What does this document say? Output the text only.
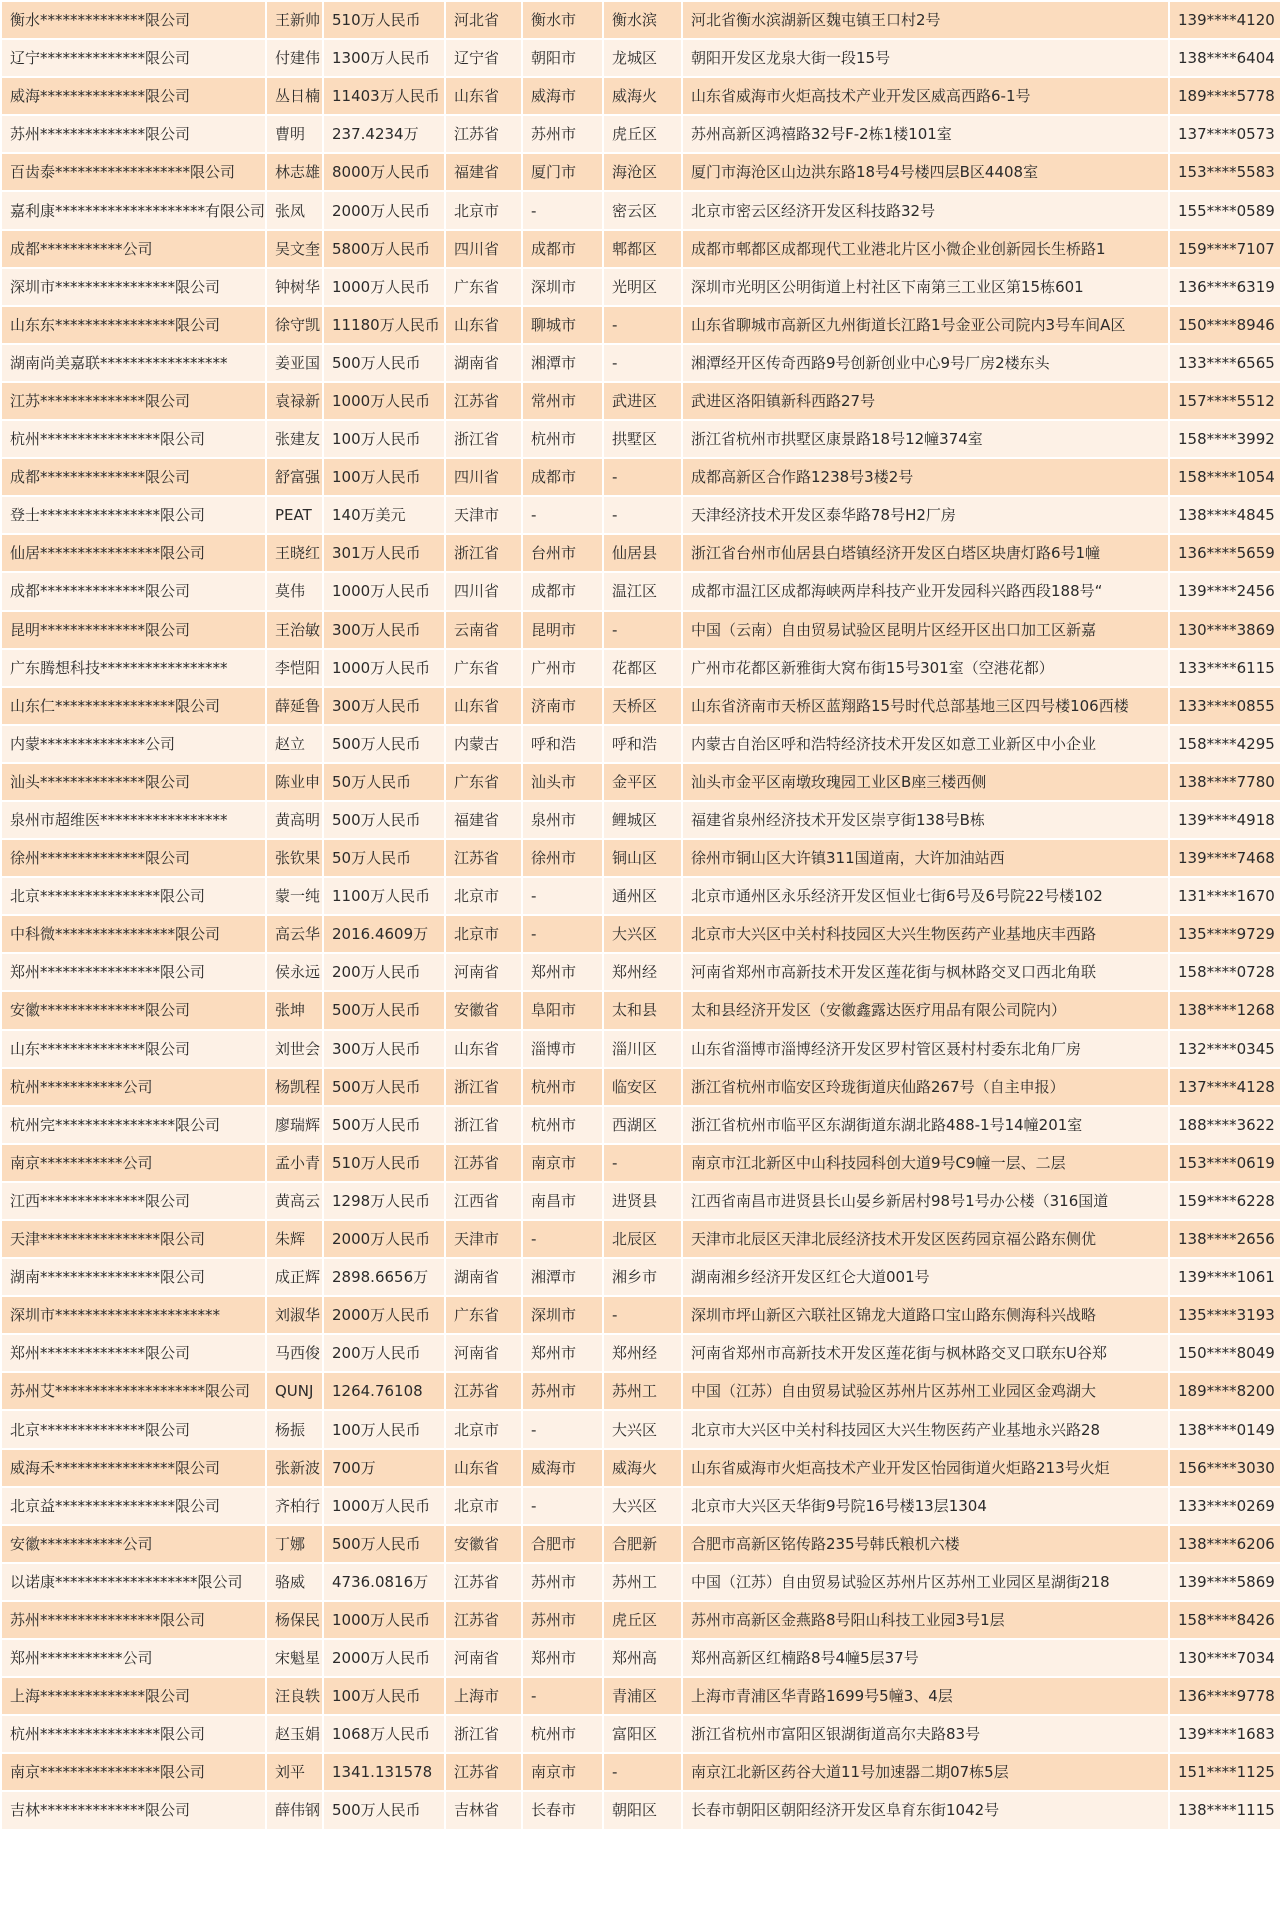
衡水**************限公司	王新帅	510万人民币	河北省	衡水市	衡水滨	河北省衡水滨湖新区魏屯镇王口村2号	139****4120
辽宁**************限公司	付建伟	1300万人民币	辽宁省	朝阳市	龙城区	朝阳开发区龙泉大街一段15号	138****6404
威海**************限公司	丛日楠	11403万人民币	山东省	威海市	威海火	山东省威海市火炬高技术产业开发区威高西路6-1号	189****5778
苏州**************限公司	曹明	237.4234万	江苏省	苏州市	虎丘区	苏州高新区鸿禧路32号F-2栋1楼101室	137****0573
百齿泰******************限公司	林志雄	8000万人民币	福建省	厦门市	海沧区	厦门市海沧区山边洪东路18号4号楼四层B区4408室	153****5583
嘉利康********************有限公司	张凤	2000万人民币	北京市	-	密云区	北京市密云区经济开发区科技路32号	155****0589
成都***********公司	吴文奎	5800万人民币	四川省	成都市	郫都区	成都市郫都区成都现代工业港北片区小微企业创新园长生桥路1	159****7107
深圳市****************限公司	钟树华	1000万人民币	广东省	深圳市	光明区	深圳市光明区公明街道上村社区下南第三工业区第15栋601	136****6319
山东东****************限公司	徐守凯	11180万人民币	山东省	聊城市	-	山东省聊城市高新区九州街道长江路1号金亚公司院内3号车间A区	150****8946
湖南尚美嘉联*****************	姜亚国	500万人民币	湖南省	湘潭市	-	湘潭经开区传奇西路9号创新创业中心9号厂房2楼东头	133****6565
江苏**************限公司	袁禄新	1000万人民币	江苏省	常州市	武进区	武进区洛阳镇新科西路27号	157****5512
杭州****************限公司	张建友	100万人民币	浙江省	杭州市	拱墅区	浙江省杭州市拱墅区康景路18号12幢374室	158****3992
成都**************限公司	舒富强	100万人民币	四川省	成都市	-	成都高新区合作路1238号3楼2号	158****1054
登士****************限公司	PEAT	140万美元	天津市	-	-	天津经济技术开发区泰华路78号H2厂房	138****4845
仙居****************限公司	王晓红	301万人民币	浙江省	台州市	仙居县	浙江省台州市仙居县白塔镇经济开发区白塔区块唐灯路6号1幢	136****5659
成都**************限公司	莫伟	1000万人民币	四川省	成都市	温江区	成都市温江区成都海峡两岸科技产业开发园科兴路西段188号“	139****2456
昆明**************限公司	王治敏	300万人民币	云南省	昆明市	-	中国（云南）自由贸易试验区昆明片区经开区出口加工区新嘉	130****3869
广东腾想科技*****************	李恺阳	1000万人民币	广东省	广州市	花都区	广州市花都区新雅街大窝布街15号301室（空港花都）	133****6115
山东仁****************限公司	薛延鲁	300万人民币	山东省	济南市	天桥区	山东省济南市天桥区蓝翔路15号时代总部基地三区四号楼106西楼	133****0855
内蒙**************公司	赵立	500万人民币	内蒙古	呼和浩	呼和浩	内蒙古自治区呼和浩特经济技术开发区如意工业新区中小企业	158****4295
汕头**************限公司	陈业申	50万人民币	广东省	汕头市	金平区	汕头市金平区南墩玫瑰园工业区B座三楼西侧	138****7780
泉州市超维医*****************	黄高明	500万人民币	福建省	泉州市	鲤城区	福建省泉州经济技术开发区崇亨街138号B栋	139****4918
徐州**************限公司	张钦果	50万人民币	江苏省	徐州市	铜山区	徐州市铜山区大许镇311国道南，大许加油站西	139****7468
北京****************限公司	蒙一纯	1100万人民币	北京市	-	通州区	北京市通州区永乐经济开发区恒业七街6号及6号院22号楼102	131****1670
中科微****************限公司	高云华	2016.4609万	北京市	-	大兴区	北京市大兴区中关村科技园区大兴生物医药产业基地庆丰西路	135****9729
郑州****************限公司	侯永远	200万人民币	河南省	郑州市	郑州经	河南省郑州市高新技术开发区莲花街与枫林路交叉口西北角联	158****0728
安徽**************限公司	张坤	500万人民币	安徽省	阜阳市	太和县	太和县经济开发区（安徽鑫露达医疗用品有限公司院内）	138****1268
山东**************限公司	刘世会	300万人民币	山东省	淄博市	淄川区	山东省淄博市淄博经济开发区罗村管区聂村村委东北角厂房	132****0345
杭州***********公司	杨凯程	500万人民币	浙江省	杭州市	临安区	浙江省杭州市临安区玲珑街道庆仙路267号（自主申报）	137****4128
杭州完****************限公司	廖瑞辉	500万人民币	浙江省	杭州市	西湖区	浙江省杭州市临平区东湖街道东湖北路488-1号14幢201室	188****3622
南京***********公司	孟小青	510万人民币	江苏省	南京市	-	南京市江北新区中山科技园科创大道9号C9幢一层、二层	153****0619
江西**************限公司	黄高云	1298万人民币	江西省	南昌市	进贤县	江西省南昌市进贤县长山晏乡新居村98号1号办公楼（316国道	159****6228
天津****************限公司	朱辉	2000万人民币	天津市	-	北辰区	天津市北辰区天津北辰经济技术开发区医药园京福公路东侧优	138****2656
湖南****************限公司	成正辉	2898.6656万	湖南省	湘潭市	湘乡市	湖南湘乡经济开发区红仑大道001号	139****1061
深圳市**********************	刘淑华	2000万人民币	广东省	深圳市	-	深圳市坪山新区六联社区锦龙大道路口宝山路东侧海科兴战略	135****3193
郑州**************限公司	马西俊	200万人民币	河南省	郑州市	郑州经	河南省郑州市高新技术开发区莲花街与枫林路交叉口联东U谷郑	150****8049
苏州艾********************限公司	QUNJ	1264.76108	江苏省	苏州市	苏州工	中国（江苏）自由贸易试验区苏州片区苏州工业园区金鸡湖大	189****8200
北京**************限公司	杨振	100万人民币	北京市	-	大兴区	北京市大兴区中关村科技园区大兴生物医药产业基地永兴路28	138****0149
威海禾****************限公司	张新波	700万	山东省	威海市	威海火	山东省威海市火炬高技术产业开发区怡园街道火炬路213号火炬	156****3030
北京益****************限公司	齐柏行	1000万人民币	北京市	-	大兴区	北京市大兴区天华街9号院16号楼13层1304	133****0269
安徽***********公司	丁娜	500万人民币	安徽省	合肥市	合肥新	合肥市高新区铭传路235号韩氏粮机六楼	138****6206
以诺康*******************限公司	骆威	4736.0816万	江苏省	苏州市	苏州工	中国（江苏）自由贸易试验区苏州片区苏州工业园区星湖街218	139****5869
苏州****************限公司	杨保民	1000万人民币	江苏省	苏州市	虎丘区	苏州市高新区金燕路8号阳山科技工业园3号1层	158****8426
郑州***********公司	宋魁星	2000万人民币	河南省	郑州市	郑州高	郑州高新区红楠路8号4幢5层37号	130****7034
上海**************限公司	汪良轶	100万人民币	上海市	-	青浦区	上海市青浦区华青路1699号5幢3、4层	136****9778
杭州****************限公司	赵玉娟	1068万人民币	浙江省	杭州市	富阳区	浙江省杭州市富阳区银湖街道高尔夫路83号	139****1683
南京****************限公司	刘平	1341.131578	江苏省	南京市	-	南京江北新区药谷大道11号加速器二期07栋5层	151****1125
吉林**************限公司	薛伟钢	500万人民币	吉林省	长春市	朝阳区	长春市朝阳区朝阳经济开发区阜育东街1042号	138****1115
